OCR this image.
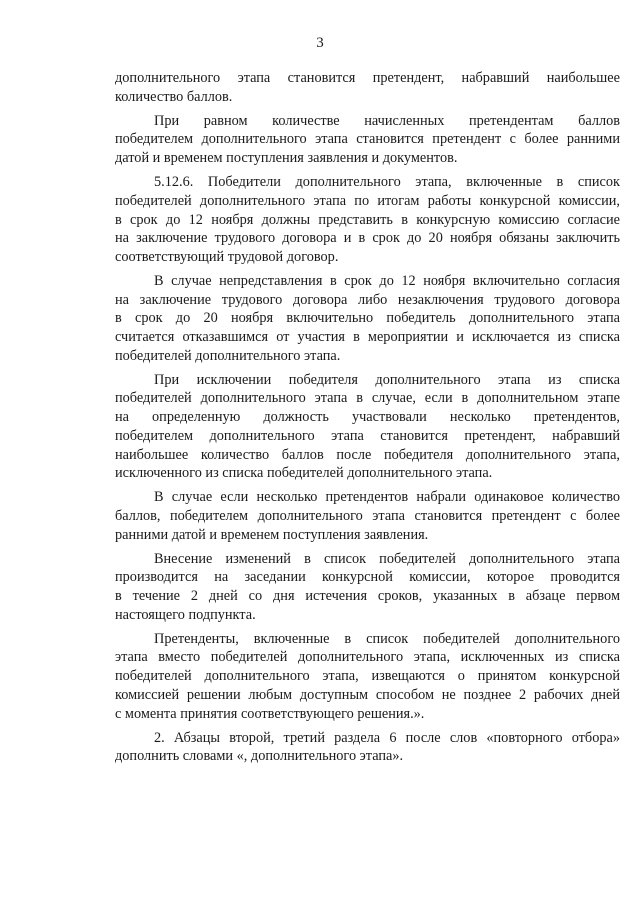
3
дополнительного этапа становится претендент, набравший наибольшее
количество баллов.
При равном количестве начисленных претендентам баллов
победителем дополнительного этапа становится претендент с более ранними
датой и временем поступления заявления и документов.
5.12.6. Победители дополнительного этапа, включенные в список
победителей дополнительного этапа по итогам работы конкурсной комиссии,
в срок до 12 ноября должны представить в конкурсную комиссию согласие
на заключение трудового договора и в срок до 20 ноября обязаны заключить
соответствующий трудовой договор.
В случае непредставления в срок до 12 ноября включительно согласия
на заключение трудового договора либо незаключения трудового договора
в срок до 20 ноября включительно победитель дополнительного этапа
считается отказавшимся от участия в мероприятии и исключается из списка
победителей дополнительного этапа.
При исключении победителя дополнительного этапа из списка
победителей дополнительного этапа в случае, если в дополнительном этапе
на определенную должность участвовали несколько претендентов,
победителем дополнительного этапа становится претендент, набравший
наибольшее количество баллов после победителя дополнительного этапа,
исключенного из списка победителей дополнительного этапа.
В случае если несколько претендентов набрали одинаковое количество
баллов, победителем дополнительного этапа становится претендент с более
ранними датой и временем поступления заявления.
Внесение изменений в список победителей дополнительного этапа
производится на заседании конкурсной комиссии, которое проводится
в течение 2 дней со дня истечения сроков, указанных в абзаце первом
настоящего подпункта.
Претенденты, включенные в список победителей дополнительного
этапа вместо победителей дополнительного этапа, исключенных из списка
победителей дополнительного этапа, извещаются о принятом конкурсной
комиссией решении любым доступным способом не позднее 2 рабочих дней
с момента принятия соответствующего решения.».
2. Абзацы второй, третий раздела 6 после слов «повторного отбора»
дополнить словами «, дополнительного этапа».
